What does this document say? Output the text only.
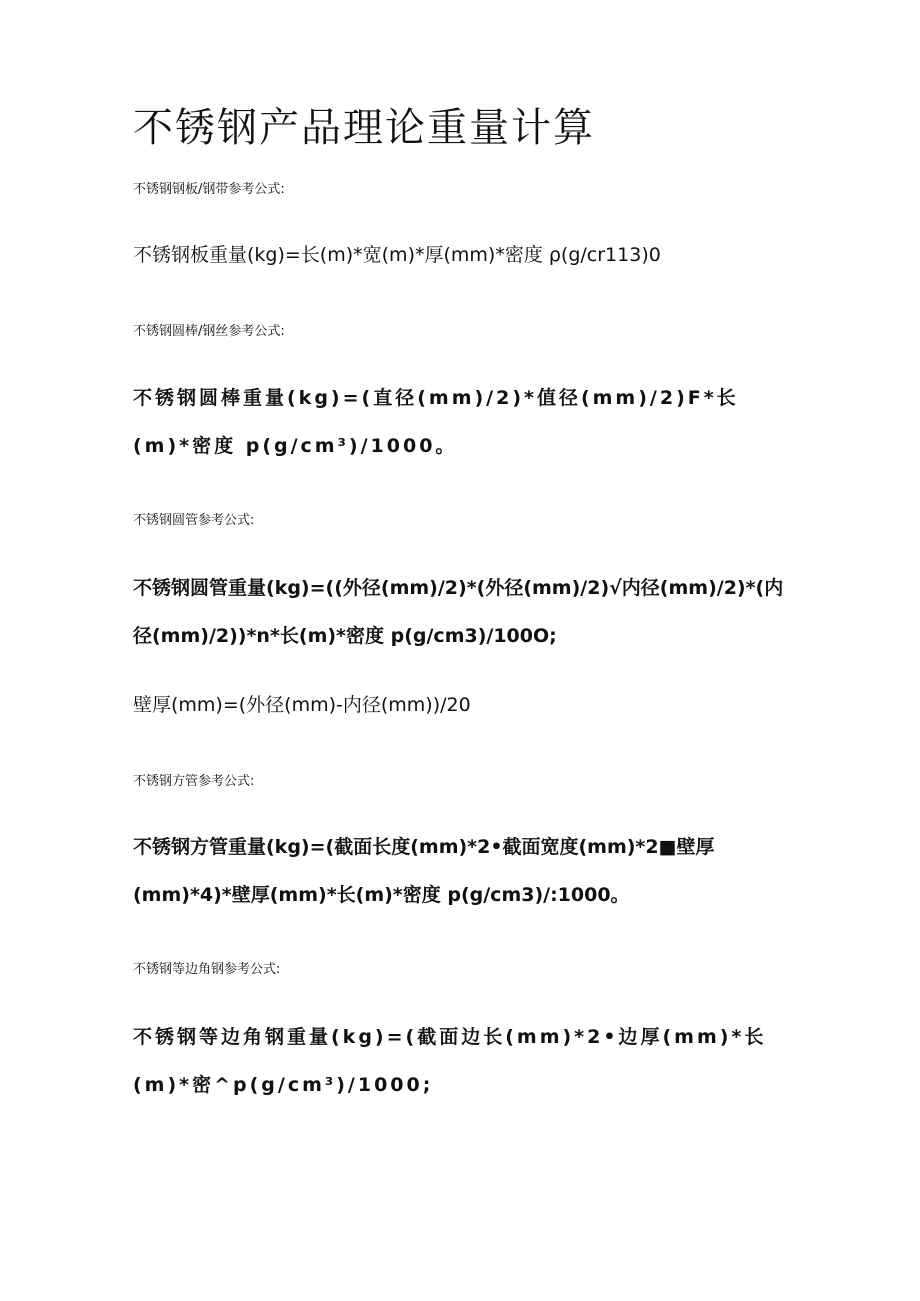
不锈钢产品理论重量计算

不锈钢钢板/钢带参考公式:

不锈钢板重量(kg)=长(m)*宽(m)*厚(mm)*密度 ρ(g/cr113)0

不锈钢圆棒/钢丝参考公式:

不锈钢圆棒重量(kg)=(直径(mm)/2)*值径(mm)/2)F*长(m)*密度 p(g/cm³)/1000。

不锈钢圆管参考公式:

不锈钢圆管重量(kg)=((外径(mm)/2)*(外径(mm)/2)√内径(mm)/2)*(内径(mm)/2))*n*长(m)*密度 p(g/cm3)/100O;

壁厚(mm)=(外径(mm)-内径(mm))/20

不锈钢方管参考公式:

不锈钢方管重量(kg)=(截面长度(mm)*2•截面宽度(mm)*2■壁厚(mm)*4)*壁厚(mm)*长(m)*密度 p(g/cm3)/:1000。

不锈钢等边角钢参考公式:

不锈钢等边角钢重量(kg)=(截面边长(mm)*2•边厚(mm)*长(m)*密^p(g/cm³)/1000;
